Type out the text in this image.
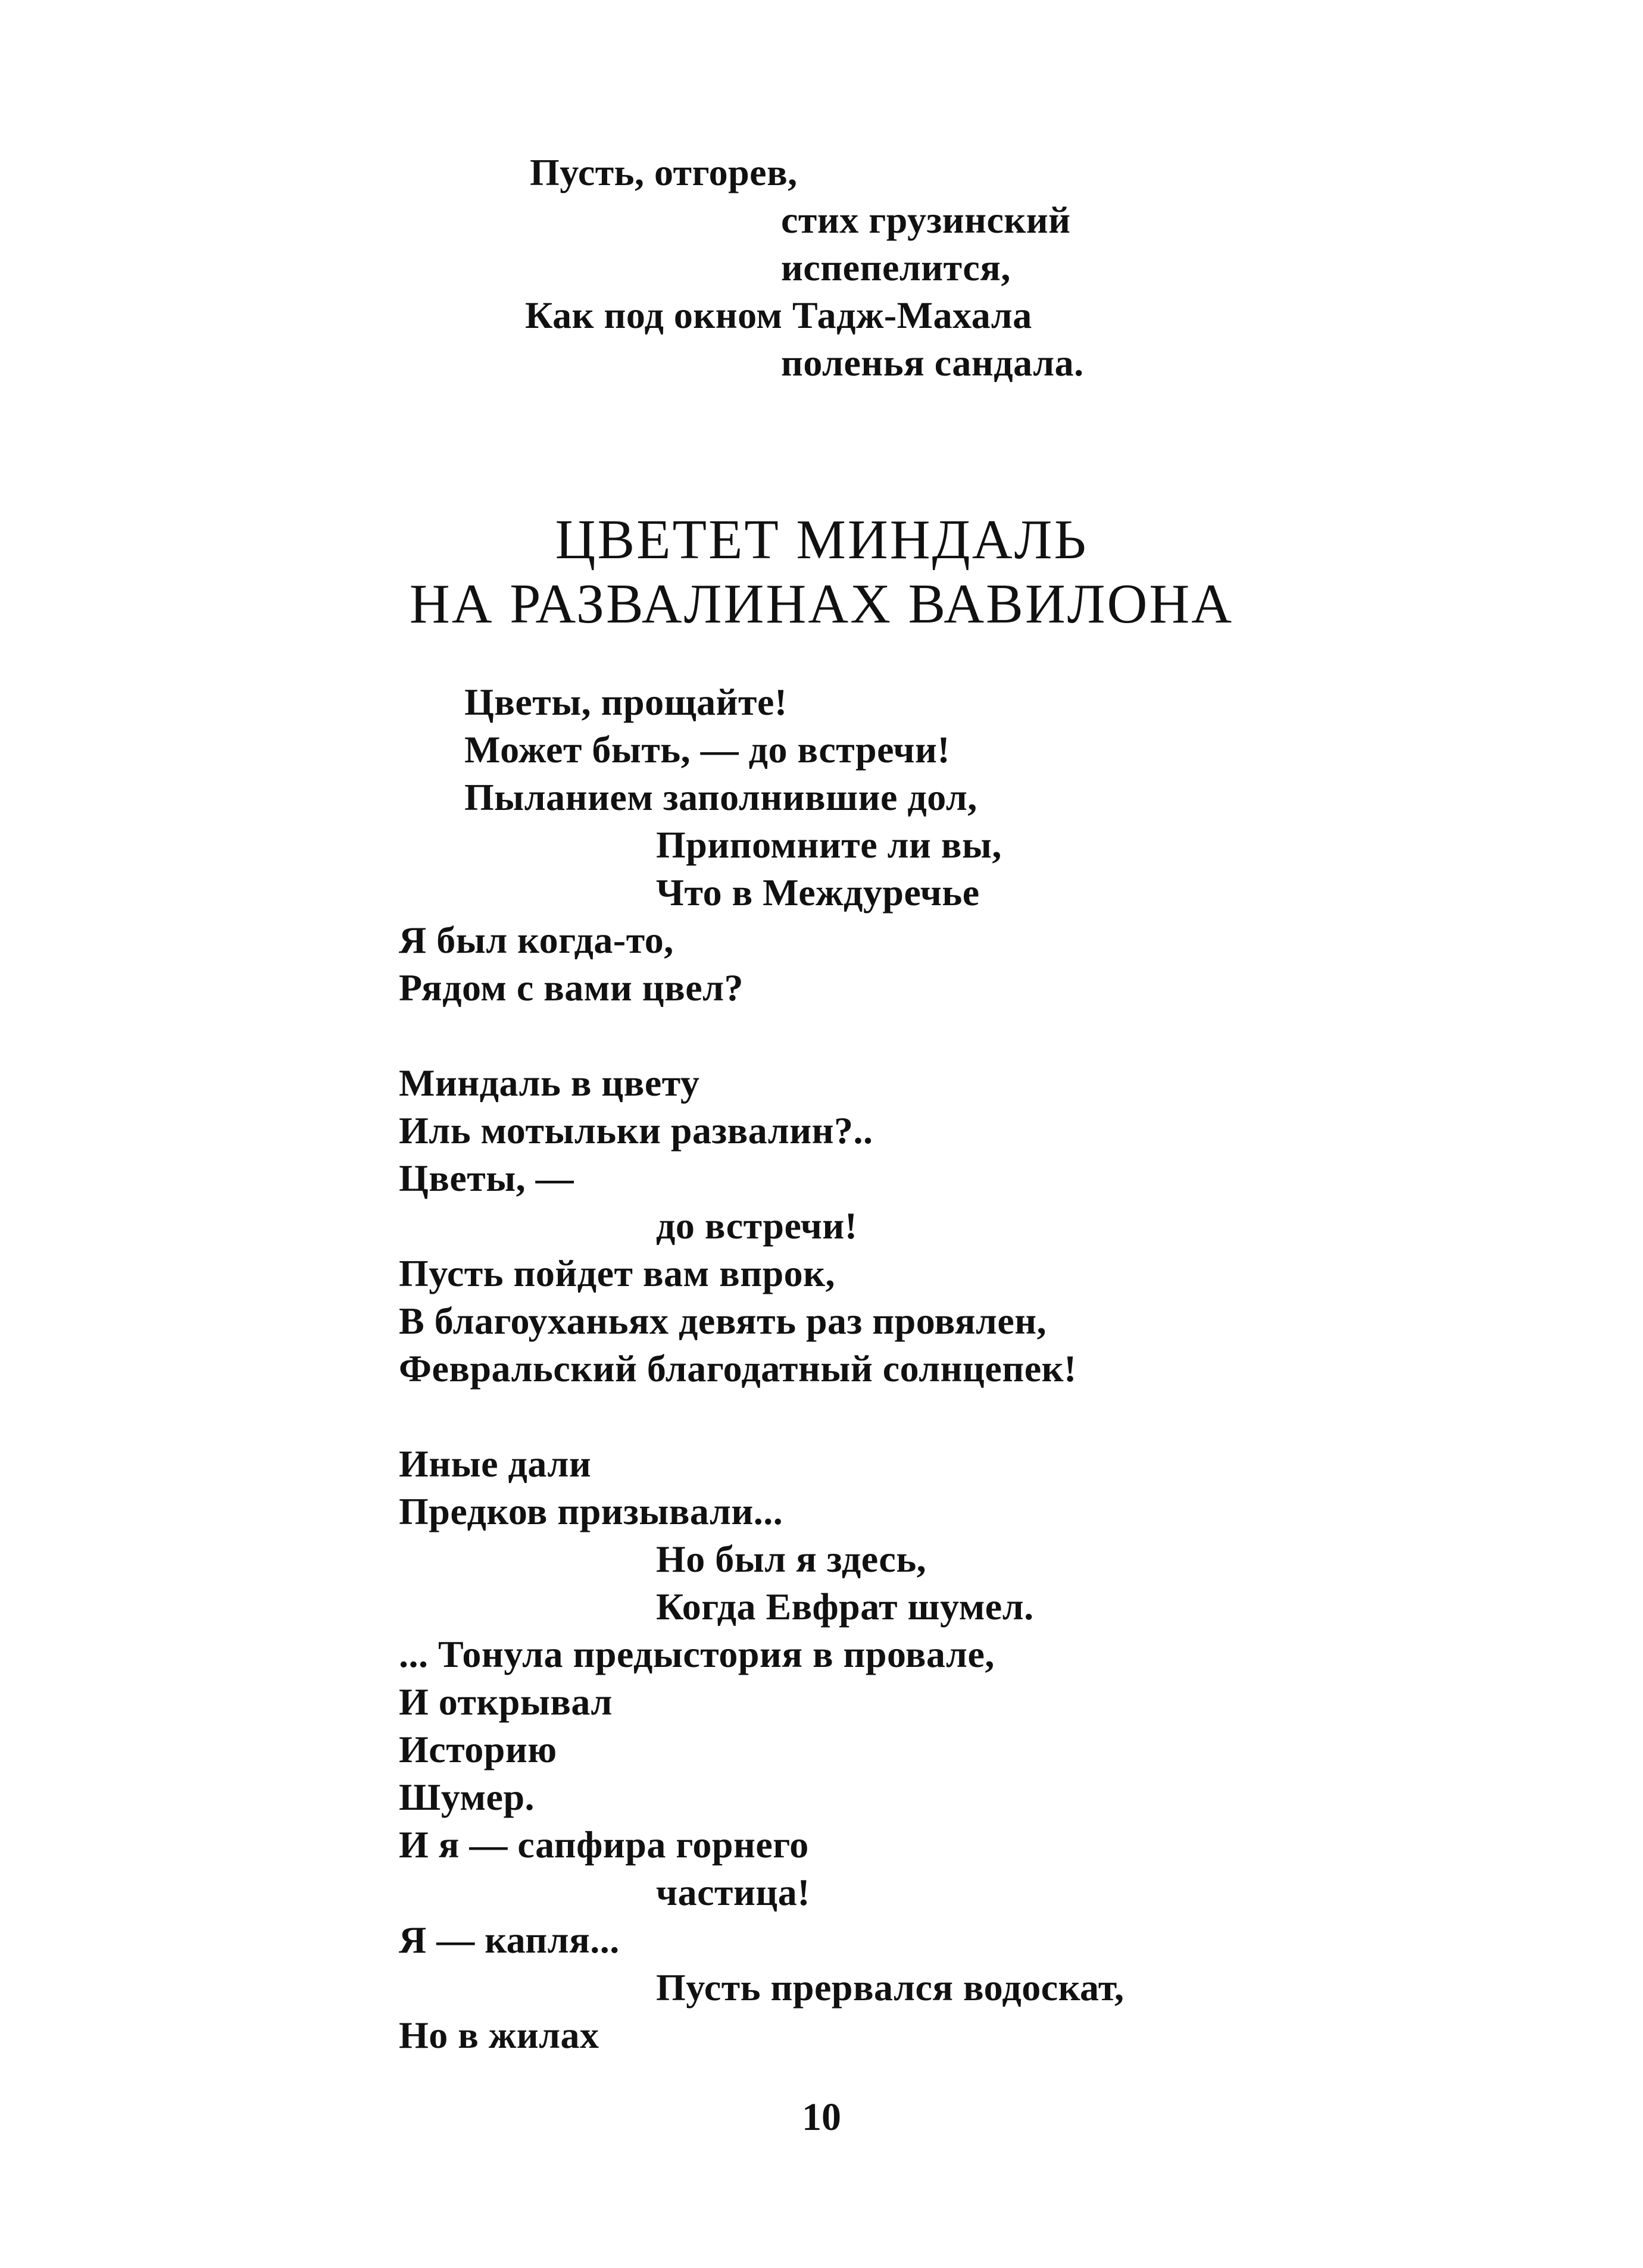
Пусть, отгорев,
стих грузинский
испепелится,
Как под окном Тадж-Махала
поленья сандала.
ЦВЕТЕТ МИНДАЛЬ
НА РАЗВАЛИНАХ ВАВИЛОНА
Цветы, прощайте!
Может быть, — до встречи!
Пыланием заполнившие дол,
Припомните ли вы,
Что в Междуречье
Я был когда-то,
Рядом с вами цвел?
Миндаль в цвету
Иль мотыльки развалин?..
Цветы, —
до встречи!
Пусть пойдет вам впрок,
В благоуханьях девять раз провялен,
Февральский благодатный солнцепек!
Иные дали
Предков призывали...
Но был я здесь,
Когда Евфрат шумел.
... Тонула предыстория в провале,
И открывал
Историю
Шумер.
И я — сапфира горнего
частица!
Я — капля...
Пусть прервался водоскат,
Но в жилах
10
